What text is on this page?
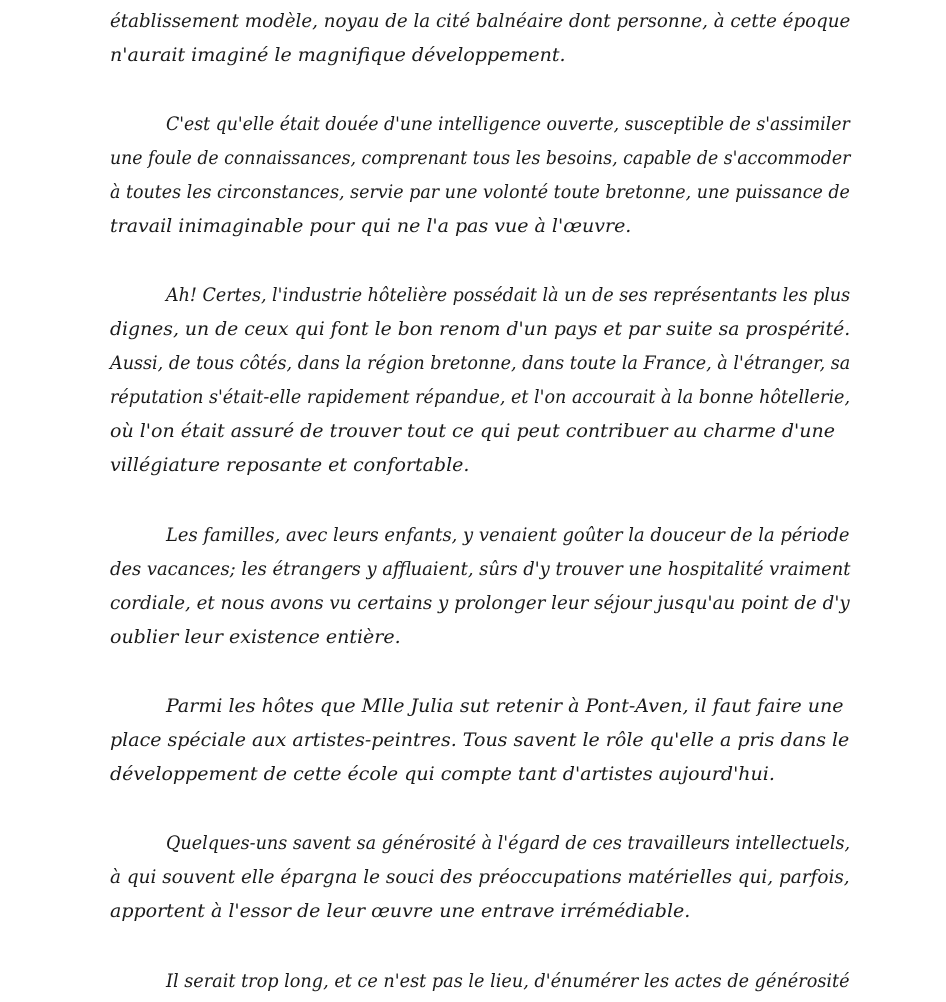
établissement modèle, noyau de la cité balnéaire dont personne, à cette époque
n'aurait imaginé le magnifique développement.
C'est qu'elle était douée d'une intelligence ouverte, susceptible de s'assimiler
une foule de connaissances, comprenant tous les besoins, capable de s'accommoder
à toutes les circonstances, servie par une volonté toute bretonne, une puissance de
travail inimaginable pour qui ne l'a pas vue à l'œuvre.
Ah! Certes, l'industrie hôtelière possédait là un de ses représentants les plus
dignes, un de ceux qui font le bon renom d'un pays et par suite sa prospérité.
Aussi, de tous côtés, dans la région bretonne, dans toute la France, à l'étranger, sa
réputation s'était-elle rapidement répandue, et l'on accourait à la bonne hôtellerie,
où l'on était assuré de trouver tout ce qui peut contribuer au charme d'une
villégiature reposante et confortable.
Les familles, avec leurs enfants, y venaient goûter la douceur de la période
des vacances; les étrangers y affluaient, sûrs d'y trouver une hospitalité vraiment
cordiale, et nous avons vu certains y prolonger leur séjour jusqu'au point de d'y
oublier leur existence entière.
Parmi les hôtes que Mlle Julia sut retenir à Pont-Aven, il faut faire une
place spéciale aux artistes-peintres. Tous savent le rôle qu'elle a pris dans le
développement de cette école qui compte tant d'artistes aujourd'hui.
Quelques-uns savent sa générosité à l'égard de ces travailleurs intellectuels,
à qui souvent elle épargna le souci des préoccupations matérielles qui, parfois,
apportent à l'essor de leur œuvre une entrave irrémédiable.
Il serait trop long, et ce n'est pas le lieu, d'énumérer les actes de générosité
